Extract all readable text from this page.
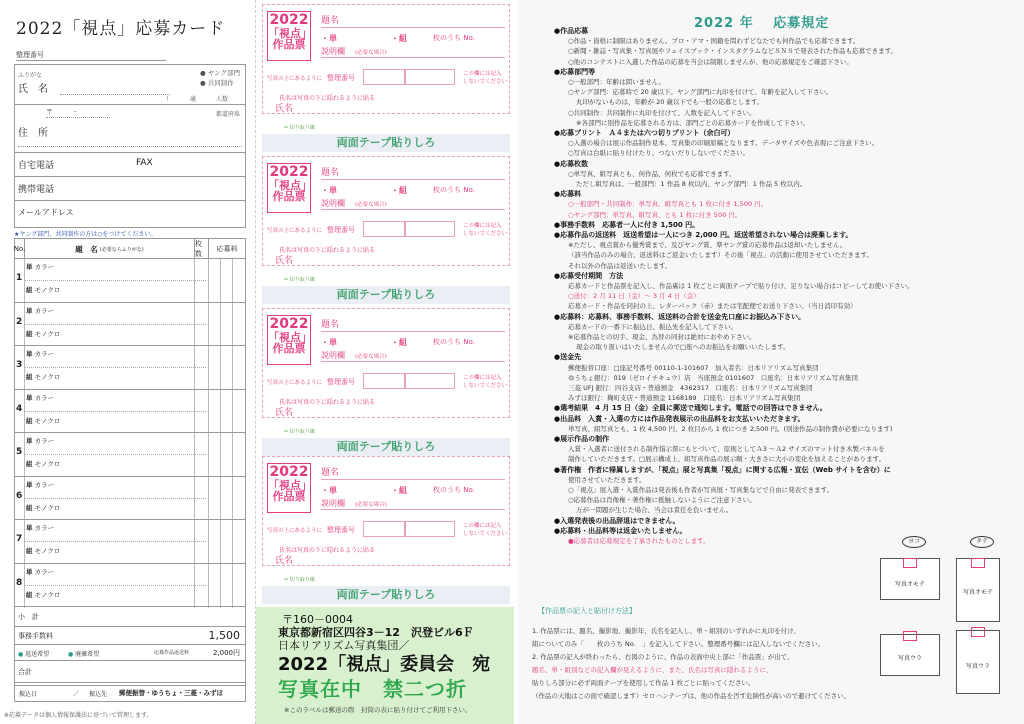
2022「視点」応募カード
整理番号
ふりがな
氏　名
● ヤング部門
● 共同制作
（　　 歳	人数
〒　　　-	都道府県
住　所
自宅電話	FAX
携帯電話
メールアドレス
★ヤング部門、共同制作の方は○をつけてください。
No.	題　名 (必要ならふりがな)
枚数
応募料
1
単 カラー
組 モノクロ
2
単 カラー
組 モノクロ
3
単 カラー
組 モノクロ
4
単 カラー
組 モノクロ
5
単 カラー
組 モノクロ
6
単 カラー
組 モノクロ
7
単 カラー
組 モノクロ
8
単 カラー
組 モノクロ
小　計
事務手数料	1,500
● 返送希望	● 廃棄希望	応募作品返送料	2,000円
合計
振込日	／ 振込先 郵便振替・ゆうちょ・三菱・みずほ
※応募データは個人情報保護法に基づいて管理します。
2022
「視点」
作品票
題名
・単	・組	枚のうち No.
説明欄 (必要な場合)
写真の上にあるように 整理番号	この欄には記入
しないでください
氏名は写真の下に隠れるように貼る
氏名
両面テープ貼りしろ
✂ 切り取り線
2022
「視点」
作品票
題名
・単	・組	枚のうち No.
説明欄 (必要な場合)
写真の上にあるように 整理番号	この欄には記入
しないでください
氏名は写真の下に隠れるように貼る
氏名
両面テープ貼りしろ
✂ 切り取り線
2022
「視点」
作品票
題名
・単	・組	枚のうち No.
説明欄 (必要な場合)
写真の上にあるように 整理番号	この欄には記入
しないでください
氏名は写真の下に隠れるように貼る
氏名
両面テープ貼りしろ
✂ 切り取り線
2022
「視点」
作品票
題名
・単	・組	枚のうち No.
説明欄 (必要な場合)
写真の上にあるように 整理番号	この欄には記入
しないでください
氏名は写真の下に隠れるように貼る
氏名
両面テープ貼りしろ
✂ 切り取り線
〒160－0004
東京都新宿区四谷3－12　沢登ビル6Ｆ
日本リアリズム写真集団／
2022「視点」委員会　宛
写真在中　禁二つ折
※このラベルは郵送の際　封筒の表に貼り付けてご利用下さい。
2022 年　 応募規定
●作品応募
○作品・資格に制限はありません。プロ・アマ・国籍を問わずどなたでも何作品でも応募できます。
○新聞・雑誌・写真集・写真展やフェイスブック・インスタグラムなどＳＮＳで発表された作品も応募できます。
○他のコンテストに入選した作品の応募を当会は制限しませんが、他の応募規定をご確認下さい。
●応募部門等
○一般部門：年齢は問いません。
○ヤング部門：応募時で 20 歳以下。ヤング部門に丸印を付けて、年齢を記入して下さい。
丸印がないものは、年齢が 20 歳以下でも一般の応募とします。
○共同制作：共同制作に丸印を付けて、人数を記入して下さい。
※各部門に別作品を応募される方は、部門ごとの応募カードを作成して下さい。
●応募プリント　Ａ４または六つ切りプリント（余白可）
○入選の場合は展示作品制作見本、写真集の印刷原稿となります。データサイズや色表現にご注意下さい。
○写真は台紙に貼り付けたり、つないだりしないでください。
●応募枚数
○単写真、組写真とも、何作品、何枚でも応募できます。
ただし組写真は、一般部門：1 作品 8 枚以内、ヤング部門：1 作品 5 枚以内。
●応募料
○一般部門・共同制作：単写真、組写真とも 1 枚に付き 1,500 円。
○ヤング部門：単写真、組写真、とも 1 枚に付き 500 円。
●事務手数料　応募者一人に付き 1,500 円。
●応募作品の返送料　返送希望は一人につき 2,000 円。返送希望されない場合は廃棄します。
※ただし、視点賞から優秀賞まで、及びヤング賞、準ヤング賞の応募作品は返却いたしません。
（該当作品のみの場合、返送料はご返金いたします）その後「視点」の活動に使用させていただきます。
それ以外の作品は返送いたします。
●応募受付期間　方法
応募カードと作品票を記入し、作品裏は 1 枚ごとに両面テープで貼り付け、足りない場合はコピーしてお使い下さい。
○送付：2 月 11 日（金）〜 3 月 4 日（金）
応募カード・作品を同封の上、レターパック（赤）または宅配便でお送り下さい。（当日消印有効）
●応募料：応募料、事務手数料、返送料の合計を送金先口座にお振込み下さい。
応募カードの一番下に振込日、振込先を記入して下さい。
※応募作品との切手、現金、為替の同封は絶対におやめ下さい。
現金の取り扱いはいたしませんので□座へのお振込をお願いいたします。
●送金先
郵便振替口座：□座記号番号 00110-1-101607　加入者名：日本リアリズム写真集団
ゆうちょ銀行：019（ゼロイチキュウ）店　当座預金 0101607　口座名：日本リアリズム写真集団
三菱 UFJ 銀行：四谷支店・普通預金　4362317　口座名：日本リアリズム写真集団
みずほ銀行：麹町支店・普通預金 1168189　口座名：日本リアリズム写真集団
●選考結果　4 月 15 日（金）全員に郵送で通知します。電話での回答はできません。
●出品料　入賞・入選の方には作品発表展示の出品料をお支払いいただきます。
単写真、組写真とも、1 枚 4,500 円、2 枚目から 1 枚につき 2,500 円。(別途作品の制作費が必要になります)
●展示作品の制作
入賞・入選者に送付される制作指示票にもとづいて、原則としてＡ3 〜Ａ2 サイズのマット付き木製パネルを
制作していただきます。□展示構成上、組写真作品の展示順・大きさに大小の変化を加えることがあります。
●著作権　作者に帰属しますが、「視点」展と写真集「視点」に関する広報・宣伝（Web サイトを含む）に
使用させていただきます。
○「視点」展入選・入賞作品は発表後も作者が写真展・写真集などで自由に発表できます。
○応募作品は肖像権・著作権に抵触しないようにご注意下さい。
万が一問題が生じた場合、当会は責任を負いません。
●入選発表後の出品辞退はできません。
●応募料・出品料等は返金いたしません。
●応募者は応募規定を了承されたものとします。
【作品票の記入と貼付け方法】
1. 作品票には、題名、撮影地、撮影年、氏名を記入し、単・組別のいずれかに丸印を付け、
組についてのみ「　　枚のうち No.　」を記入して下さい。整理番号欄には記入しないでください。
2. 作品票の記入が終わったら、右図のように、作品の表面中央上部に「作品票」が出て、
題名、単・組別などの記入欄が見えるように、また、氏名は写真に隠れるように、
貼りしろ部分に必ず両面テープを使用して作品 1 枚ごとに貼ってください。
（作品の天地はこの面で確認します）セロハンテープは、他の作品を汚す危険性が高いので避けてください。
ヨコ	タテ
写真オモテ
写真オモテ
写真ウラ
写真ウラ
